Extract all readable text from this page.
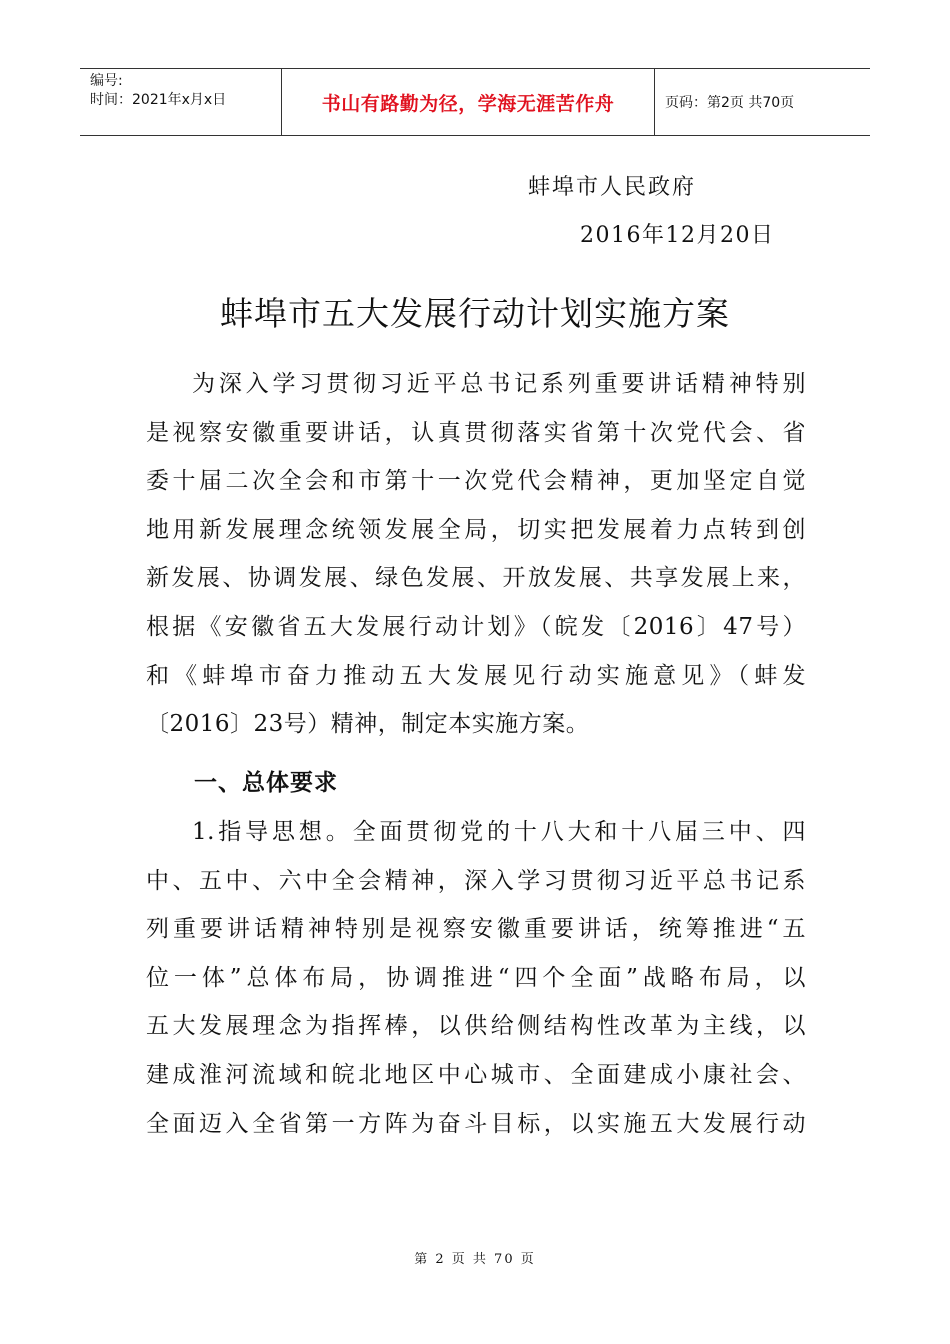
编号:
时间：2021年x月x日	书山有路勤为径，学海无涯苦作舟	页码：第2页 共70页
蚌埠市人民政府
2016年12月20日
蚌埠市五大发展行动计划实施方案
为深入学习贯彻习近平总书记系列重要讲话精神特别
是视察安徽重要讲话，认真贯彻落实省第十次党代会、省
委十届二次全会和市第十一次党代会精神，更加坚定自觉
地用新发展理念统领发展全局，切实把发展着力点转到创
新发展、协调发展、绿色发展、开放发展、共享发展上来，
根据《安徽省五大发展行动计划》（皖发〔2016〕47号）
和《蚌埠市奋力推动五大发展见行动实施意见》（蚌发
〔2016〕23号）精神，制定本实施方案。
一、总体要求
1.指导思想。全面贯彻党的十八大和十八届三中、四
中、五中、六中全会精神，深入学习贯彻习近平总书记系
列重要讲话精神特别是视察安徽重要讲话，统筹推进“五
位一体”总体布局，协调推进“四个全面”战略布局，以
五大发展理念为指挥棒，以供给侧结构性改革为主线，以
建成淮河流域和皖北地区中心城市、全面建成小康社会、
全面迈入全省第一方阵为奋斗目标，以实施五大发展行动
第 2 页 共 70 页
